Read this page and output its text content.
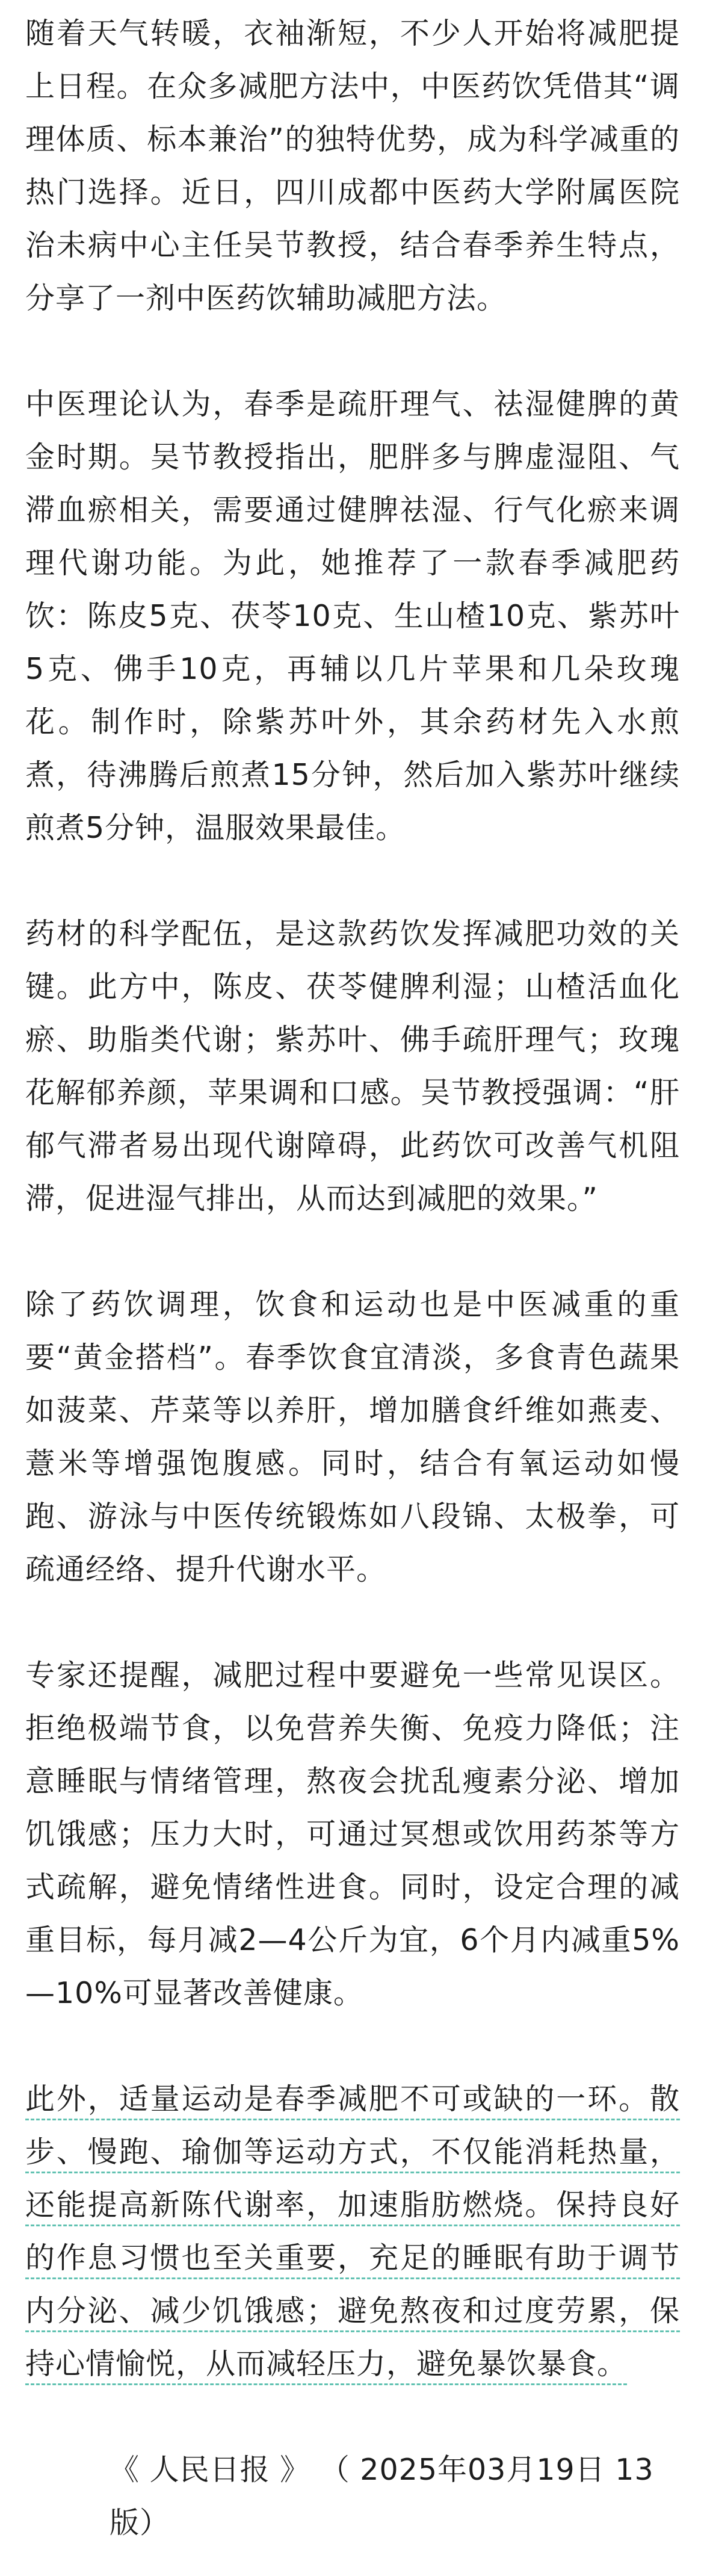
随着天气转暖，衣袖渐短，不少人开始将减肥提上日程。在众多减肥方法中，中医药饮凭借其“调理体质、标本兼治”的独特优势，成为科学减重的热门选择。近日，四川成都中医药大学附属医院治未病中心主任吴节教授，结合春季养生特点，分享了一剂中医药饮辅助减肥方法。

中医理论认为，春季是疏肝理气、祛湿健脾的黄金时期。吴节教授指出，肥胖多与脾虚湿阻、气滞血瘀相关，需要通过健脾祛湿、行气化瘀来调理代谢功能。为此，她推荐了一款春季减肥药饮：陈皮5克、茯苓10克、生山楂10克、紫苏叶5克、佛手10克，再辅以几片苹果和几朵玫瑰花。制作时，除紫苏叶外，其余药材先入水煎煮，待沸腾后煎煮15分钟，然后加入紫苏叶继续煎煮5分钟，温服效果最佳。

药材的科学配伍，是这款药饮发挥减肥功效的关键。此方中，陈皮、茯苓健脾利湿；山楂活血化瘀、助脂类代谢；紫苏叶、佛手疏肝理气；玫瑰花解郁养颜，苹果调和口感。吴节教授强调：“肝郁气滞者易出现代谢障碍，此药饮可改善气机阻滞，促进湿气排出，从而达到减肥的效果。”

除了药饮调理，饮食和运动也是中医减重的重要“黄金搭档”。春季饮食宜清淡，多食青色蔬果如菠菜、芹菜等以养肝，增加膳食纤维如燕麦、薏米等增强饱腹感。同时，结合有氧运动如慢跑、游泳与中医传统锻炼如八段锦、太极拳，可疏通经络、提升代谢水平。

专家还提醒，减肥过程中要避免一些常见误区。拒绝极端节食，以免营养失衡、免疫力降低；注意睡眠与情绪管理，熬夜会扰乱瘦素分泌、增加饥饿感；压力大时，可通过冥想或饮用药茶等方式疏解，避免情绪性进食。同时，设定合理的减重目标，每月减2—4公斤为宜，6个月内减重5%—10%可显著改善健康。

此外，适量运动是春季减肥不可或缺的一环。散步、慢跑、瑜伽等运动方式，不仅能消耗热量，还能提高新陈代谢率，加速脂肪燃烧。保持良好的作息习惯也至关重要，充足的睡眠有助于调节内分泌、减少饥饿感；避免熬夜和过度劳累，保持心情愉悦，从而减轻压力，避免暴饮暴食。

《 人民日报 》 （ 2025年03月19日 13版）
